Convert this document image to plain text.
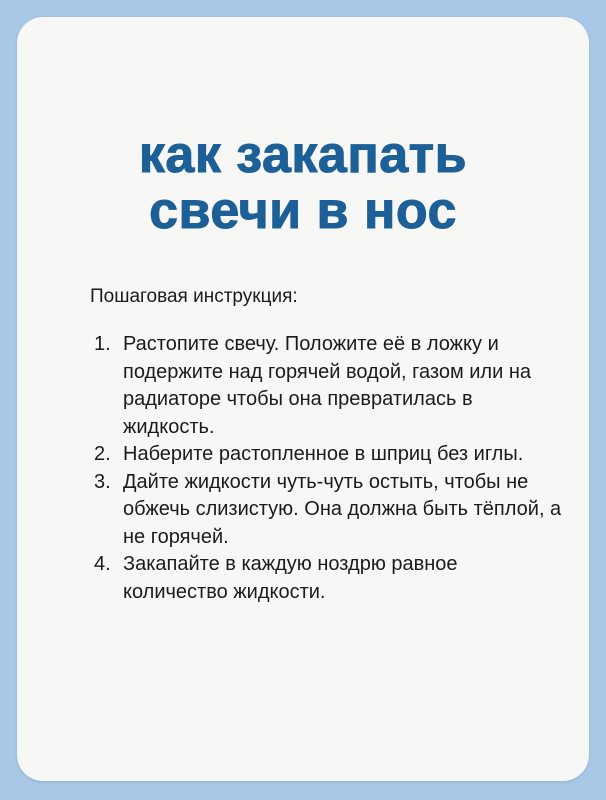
как закапать
свечи в нос

Пошаговая инструкция:

1. Растопите свечу. Положите её в ложку и подержите над горячей водой, газом или на радиаторе чтобы она превратилась в жидкость.
2. Наберите растопленное в шприц без иглы.
3. Дайте жидкости чуть-чуть остыть, чтобы не обжечь слизистую. Она должна быть тёплой, а не горячей.
4. Закапайте в каждую ноздрю равное количество жидкости.
